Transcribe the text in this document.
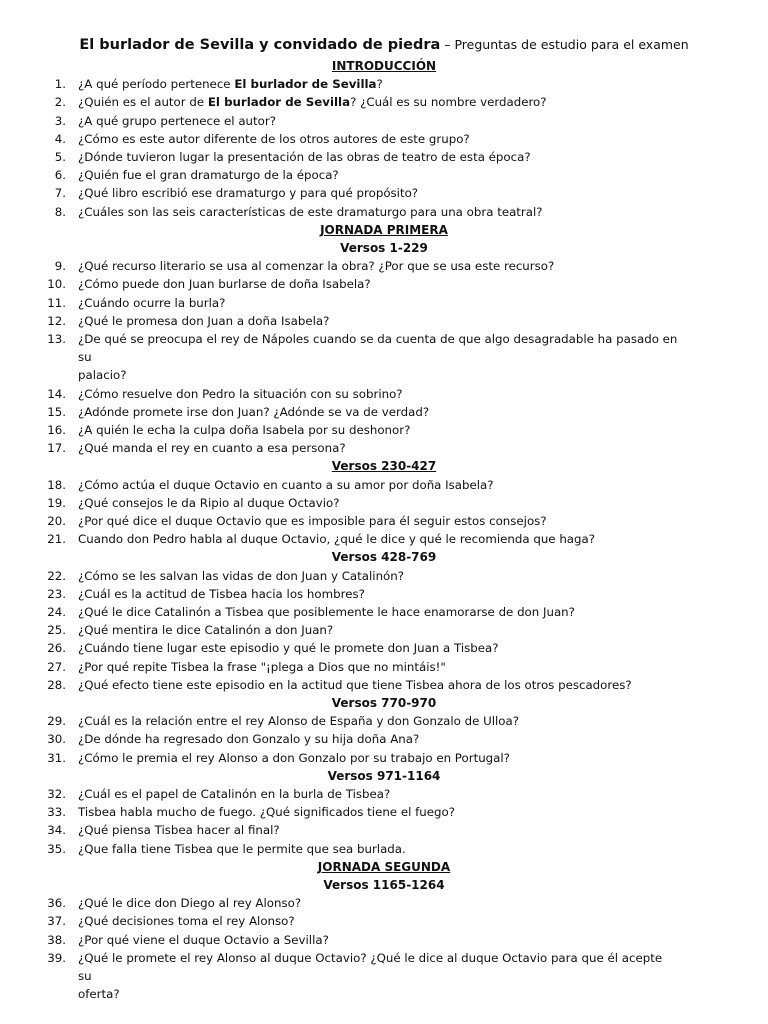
El burlador de Sevilla y convidado de piedra – Preguntas de estudio para el examen
INTRODUCCIÓN
1. ¿A qué período pertenece El burlador de Sevilla?
2. ¿Quién es el autor de El burlador de Sevilla? ¿Cuál es su nombre verdadero?
3. ¿A qué grupo pertenece el autor?
4. ¿Cómo es este autor diferente de los otros autores de este grupo?
5. ¿Dónde tuvieron lugar la presentación de las obras de teatro de esta época?
6. ¿Quién fue el gran dramaturgo de la época?
7. ¿Qué libro escribió ese dramaturgo y para qué propósito?
8. ¿Cuáles son las seis características de este dramaturgo para una obra teatral?
JORNADA PRIMERA
Versos 1-229
9. ¿Qué recurso literario se usa al comenzar la obra? ¿Por que se usa este recurso?
10. ¿Cómo puede don Juan burlarse de doña Isabela?
11. ¿Cuándo ocurre la burla?
12. ¿Qué le promesa don Juan a doña Isabela?
13. ¿De qué se preocupa el rey de Nápoles cuando se da cuenta de que algo desagradable ha pasado en su
palacio?
14. ¿Cómo resuelve don Pedro la situación con su sobrino?
15. ¿Adónde promete irse don Juan? ¿Adónde se va de verdad?
16. ¿A quién le echa la culpa doña Isabela por su deshonor?
17. ¿Qué manda el rey en cuanto a esa persona?
Versos 230-427
18. ¿Cómo actúa el duque Octavio en cuanto a su amor por doña Isabela?
19. ¿Qué consejos le da Ripio al duque Octavio?
20. ¿Por qué dice el duque Octavio que es imposible para él seguir estos consejos?
21. Cuando don Pedro habla al duque Octavio, ¿qué le dice y qué le recomienda que haga?
Versos 428-769
22. ¿Cómo se les salvan las vidas de don Juan y Catalinón?
23. ¿Cuál es la actitud de Tisbea hacia los hombres?
24. ¿Qué le dice Catalinón a Tisbea que posiblemente le hace enamorarse de don Juan?
25. ¿Qué mentira le dice Catalinón a don Juan?
26. ¿Cuándo tiene lugar este episodio y qué le promete don Juan a Tisbea?
27. ¿Por qué repite Tisbea la frase "¡plega a Dios que no mintáis!"
28. ¿Qué efecto tiene este episodio en la actitud que tiene Tisbea ahora de los otros pescadores?
Versos 770-970
29. ¿Cuál es la relación entre el rey Alonso de España y don Gonzalo de Ulloa?
30. ¿De dónde ha regresado don Gonzalo y su hija doña Ana?
31. ¿Cómo le premia el rey Alonso a don Gonzalo por su trabajo en Portugal?
Versos 971-1164
32. ¿Cuál es el papel de Catalinón en la burla de Tisbea?
33. Tisbea habla mucho de fuego. ¿Qué significados tiene el fuego?
34. ¿Qué piensa Tisbea hacer al final?
35. ¿Que falla tiene Tisbea que le permite que sea burlada.
JORNADA SEGUNDA
Versos 1165-1264
36. ¿Qué le dice don Diego al rey Alonso?
37. ¿Qué decisiones toma el rey Alonso?
38. ¿Por qué viene el duque Octavio a Sevilla?
39. ¿Qué le promete el rey Alonso al duque Octavio? ¿Qué le dice al duque Octavio para que él acepte su
oferta?
